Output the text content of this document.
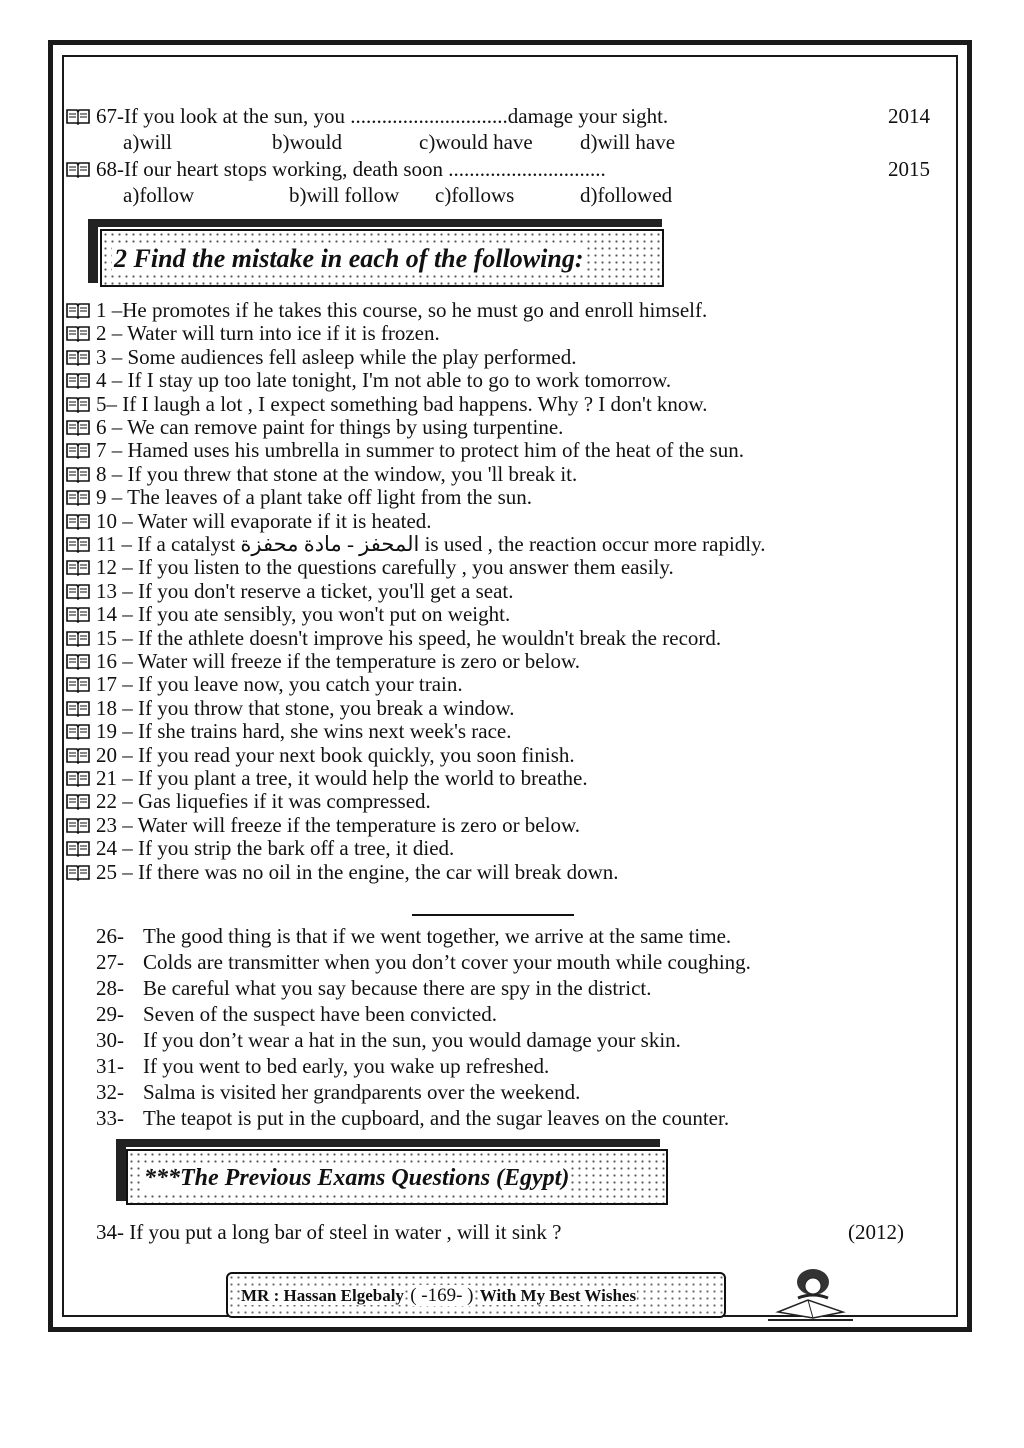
67-If you look at the sun, you ..............................damage your sight.	2014
a)will	b)would	c)would have d)will have
68-If our heart stops working, death soon ..............................	2015
a)follow	b)will follow c)follows	d)followed
2 Find the mistake in each of the following:
1 –He promotes if he takes this course, so he must go and enroll himself.
2 – Water will turn into ice if it is frozen.
3 – Some audiences fell asleep while the play performed.
4 – If I stay up too late tonight, I'm not able to go to work tomorrow.
5– If I laugh a lot , I expect something bad happens. Why ? I don't know.
6 – We can remove paint for things by using turpentine.
7 – Hamed uses his umbrella in summer to protect him of the heat of the sun.
8 – If you threw that stone at the window, you 'll break it.
9 – The leaves of a plant take off light from the sun.
10 – Water will evaporate if it is heated.
11 – If a catalyst المحفز - مادة محفزة is used , the reaction occur more rapidly.
12 – If you listen to the questions carefully , you answer them easily.
13 – If you don't reserve a ticket, you'll get a seat.
14 – If you ate sensibly, you won't put on weight.
15 – If the athlete doesn't improve his speed, he wouldn't break the record.
16 – Water will freeze if the temperature is zero or below.
17 – If you leave now, you catch your train.
18 – If you throw that stone, you break a window.
19 – If she trains hard, she wins next week's race.
20 – If you read your next book quickly, you soon finish.
21 – If you plant a tree, it would help the world to breathe.
22 – Gas liquefies if it was compressed.
23 – Water will freeze if the temperature is zero or below.
24 – If you strip the bark off a tree, it died.
25 – If there was no oil in the engine, the car will break down.
26- The good thing is that if we went together, we arrive at the same time.
27- Colds are transmitter when you don’t cover your mouth while coughing.
28- Be careful what you say because there are spy in the district.
29- Seven of the suspect have been convicted.
30- If you don’t wear a hat in the sun, you would damage your skin.
31- If you went to bed early, you wake up refreshed.
32- Salma is visited her grandparents over the weekend.
33- The teapot is put in the cupboard, and the sugar leaves on the counter.
***The Previous Exams Questions (Egypt)
34- If you put a long bar of steel in water , will it sink ?	(2012)
MR : Hassan Elgebaly ( -169- ) With My Best Wishes
